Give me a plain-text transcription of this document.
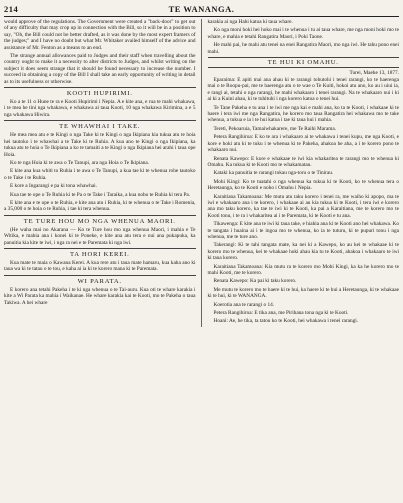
214	TE WANANGA.

would approve of the regulations. The Government were created a "back-door" to get out of any difficulty that may crop up in connection with the Bill, so it will be in a position to say, "Oh, the Bill could not be better drafted, as it was done by the most expert framers of the judges;" and I have no doubt but what Mr. Whitaker availed himself of the advice and assistance of Mr. Fenton as a means to an end.

The strange annual allowances paid to Judges and their staff when travelling about the country ought to make it a necessity to alter districts to Judges, and whilst writing on the subject it does seem strange that it should be found necessary to increase the number. I succeed in obtaining a copy of the Bill I shall take an early opportunity of writing in detail as to its usefulness or otherwise.

KOOTI HUPIRIMI.

Ko a te 11 o Hune te ra e Kooti Hupirimi i Nepia. A e kite ana, e rua te mahi whakawa, i te mea he tini nga whakawa, e whakawa ai taua Kooti, 10 nga whakawa Kirimina, a e 5 nga whakawa Hiwira.

TE WHAWHAI I TAKE.

He mea mea atu e te Kingi o nga Take ki te Kingi o nga Ikipiana kia tukua atu te hoia hei tautoko i te whawhai a te Take ki te Ruhia. A kua ano te Kingi o nga Ikipiana, ka tukua atu te hoia o Te Ikipiana a ko te tamaiti a te Kingi o nga Ikipiana hei arahi i taua ope Hoia.

Ko te nga Hoia ki te awa o Te Tanupi, ara nga Hoia o Te Ikipiana.

E kite ana kua whiti to Ruhia i te awa o Te Tanupi, a kua tae ki te whenua rohe tautoko o te Take i te Ruhia.

E kore a Ingarangi e pa ki tona whawhai.

Kua tae te ope o Te Ruhia ki te Pa o te Take i Taraika, a kua noho te Ruhia ki tera Pa.

E kite ana e te ope o te Ruhia, e kite ana atu i Ruhia, ki te whenua o te Take i Romenia, a 35,000 o te hoia o te Ruhia, i tae ki tera whenua.

TE TURE HOU MO NGA WHENUA MAORI.

(He waha mai no Akarana — Ko te Ture hou mo nga whenua Maori, i mahia e Te Witika, e mahia ana i konei ki te Poneke, e kite ana atu tera e nui ana pukapuka, ka panuitia kia kite te iwi, i nga ra nei e te Paremata ki nga iwi.

TA HORI KEREI.

Kua mate te maia o Kawana Kerei. A kua rere atu i taua mate hamaru, kua kaha ano ki taua wa ki te tatau o te tou, e kaha ai ia ki te korero mana ki te Paremata.

WI PARATA.

E korero ana tetahi Pakeha i te ki nga whenua o te Tai-auru. Kua oti te whare karakia i kite a Wi Parata ka mahia i Waikanae. He whare karakia kai te Kooti, mo te Pakeha o taua Takiwa. A hei whare

karakia ai nga Hahi katoa ki taua whare.

Ko nga moni hoki hei hoko mai i te whenua i tu ai taua whare, me nga moni hoki mo te whare, e mahia e tetahi Rangatira Maori, i Poki Taone.

He mahi pai, he mahi atu tenei na enei Rangatira Maori, mo nga iwi. He tahu pono enei mahi.

TE HUI KI OMAHU.
Turei, Maehe 13, 1877.

Eparaima: E apiti mai ana ahau ki te rarangi tohutohi i tenei rarangi, ko te haerenga mai o te Roopu-pai, me te haerenga atu o te wae o Te Kuiti, hokoi atu ano, ko au i uiui ia, e rangi ai, tetahi o nga rarangi, he mahi whakaaro i tenei rarangi. Na te whakaaro nui i ki ai ki a Kuini ahau, ki te tuhituhi i nga korero katoa o tenei hui.

Te Tane Pakeha e tu ana i te iwi me nga kai e mahi ana, ko ta te Kooti, i whakaae ki te haere i tera iwi me nga Rangatira, he korero mo taua Rangatira hei whakawa mo te take whenua, a tukua e ia i te hui katoa i tae ki taua hui i mahia.

Tereti, Pekoaruia, Tamaiwhakarere, me Te Raihi Marama.

Petera Rangihiroa: E ko te ara i whakaaro ai te whakawa i tenei kupu, me nga Kooti, e kore e hoki atu ki te tuku i te whenua ki te Pakeha, ahakoa he aha, a i te korero pono te whakaaro nui.

Renata Kawepo: E kore e whakaae te iwi kia whakaritea te rarangi mo te whenua ki Omahu. Ka tukua ki te Kooti mo te whakamatau.

Kataki ka panuitia te rarangi tokau nga-toru o te Tinirau.

Mohi Kingi: Ko te tuatahi o nga whenua ka tukua ki te Kooti, ko te whenua tera o Heretaunga, ko te Kooti e noho i Omahu i Nepia.

Karaitiana Takamoana: Me mutu atu taku korero i tenei ra, me waiho ki apopo, ma te iwi e whakaaro ana i te korero, i whakaae ai au kia tukua ki te Kooti, i tera iwi e korero ana mo taku korero, ka tae te iwi ki te Kooti, ka pai a Karaitiana, me te korero mo te Kooti tonu, i te ra i whakaritea ai i te Paremata, ki te Kooti e tu ana.

Tikawenga: E kite ana te iwi ki taua take, e hiahia ana ki te Kooti ano hei whakawa. Ko te tangata i huaina ai i te ingoa mo te whenua, ko ia te tuturu, ki te pupuri tonu i nga whenua, me te ture ano.

Takerangi: Ki te tahi tangata mate, ka nei ki a Kawepo, ko au kei te whakaae ki te korero mo te whenua, kei te whakaae hoki ahau kia tu te Kooti, ahakoa i whakaaro te iwi ki taua korero.

Karaitiana Takamoana: Kia mutu ra te korero mo Mohi Kingi, ka ka he korero mo te mahi Kooti, me te korero.

Renata Kawepo: Ka pai ki taku korero.

Me mutu te korero mo te haere ki te hui, ka haere ki te hui a Heretaunga, ki te whakaae ki te hui, ki te WANANGA.

Koerotia ana te rarangi o 14.

Petera Rangihiroa: E tika ana, me Pirihana tona nga ki te Kooti.

Hoani: Ae, he tika, ta tatou ko te Kooti, hei whakawa i tenei rarangi.
